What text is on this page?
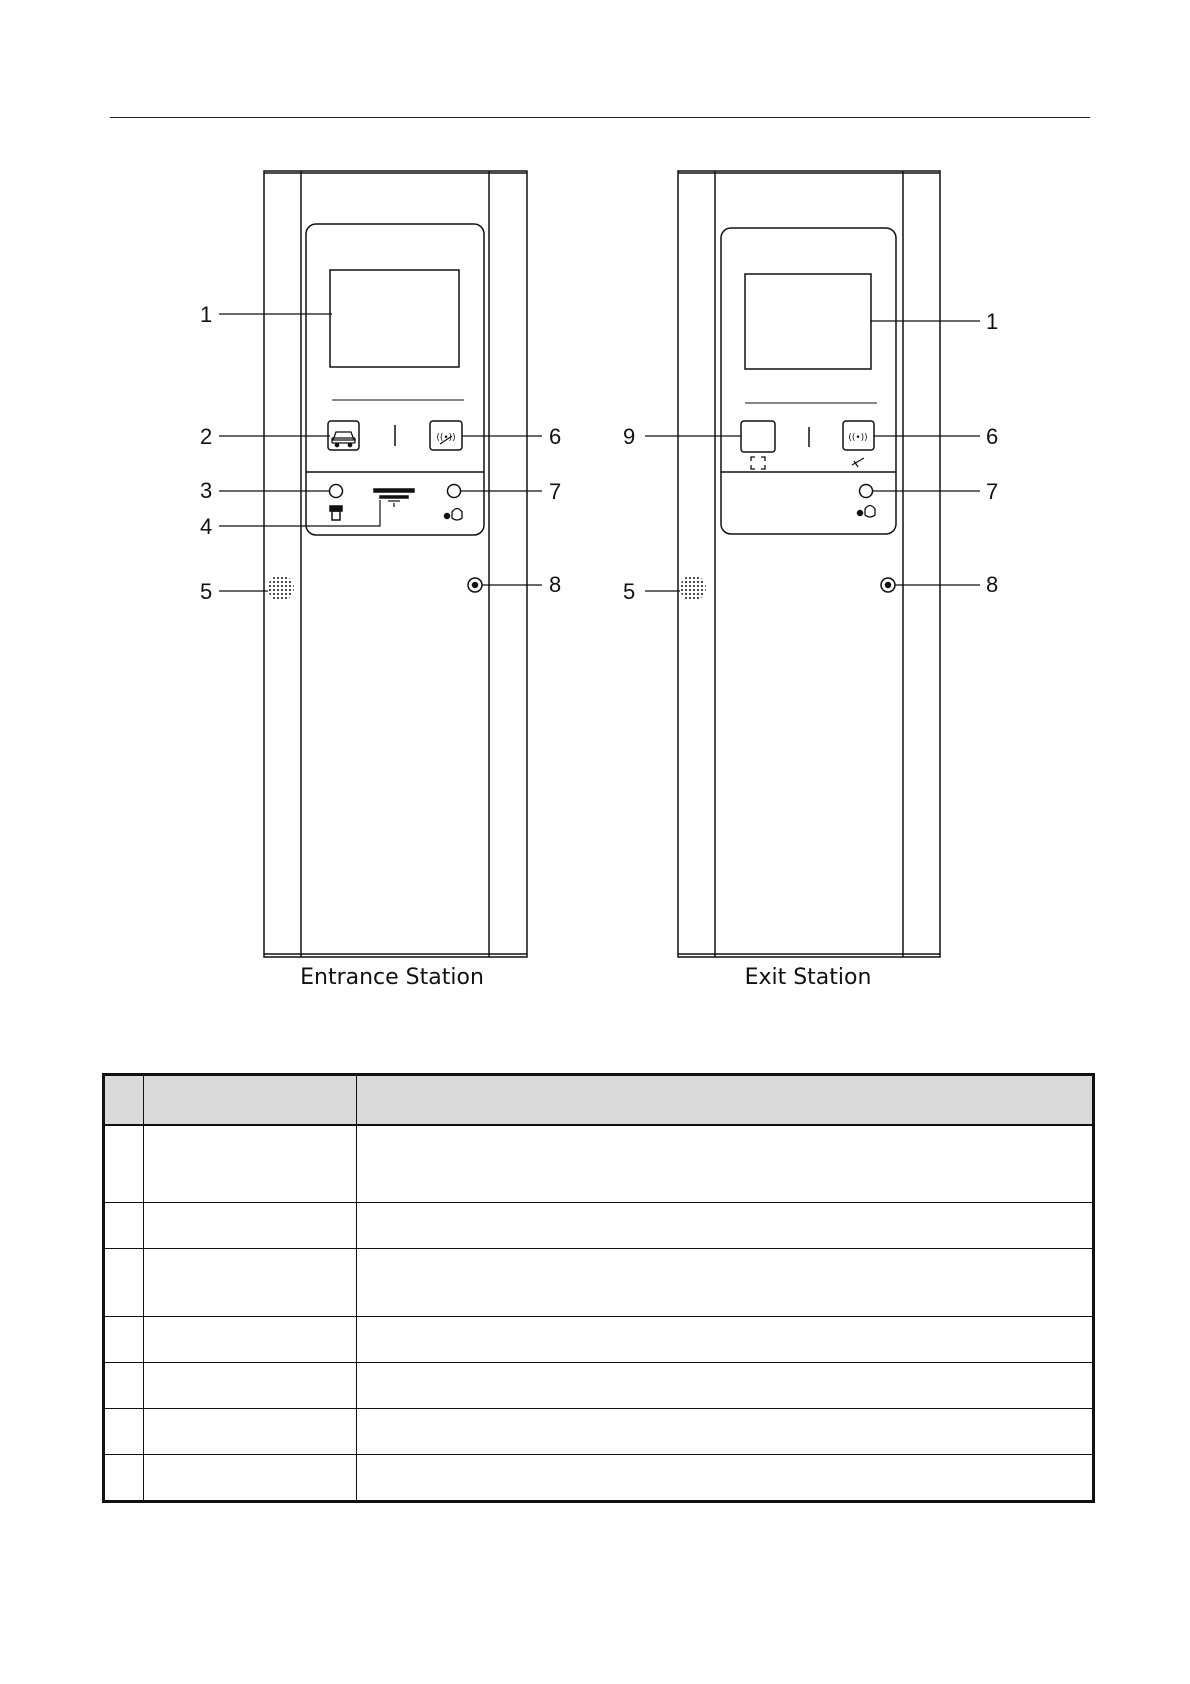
((•))
1
2
3
4
5
6
7
8
Entrance Station
((•))
1
9	6
7
5	8
Exit Station
